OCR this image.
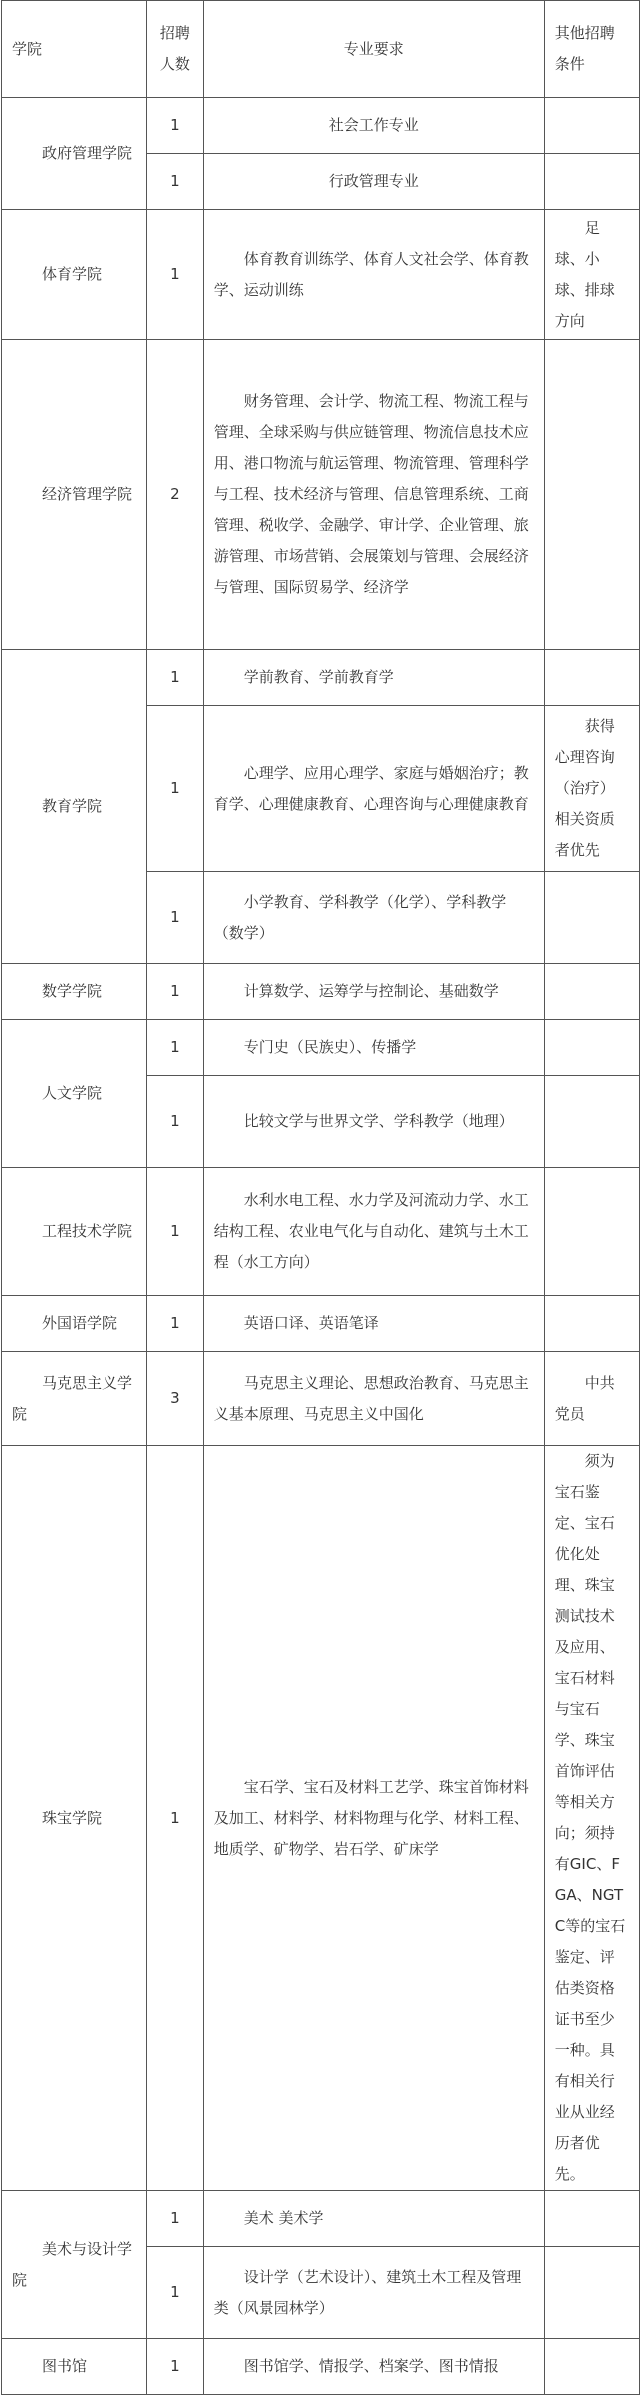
学院	招聘人数	专业要求	其他招聘条件
政府管理学院	1	社会工作专业	
	1	行政管理专业	
体育学院	1	体育教育训练学、体育人文社会学、体育教学、运动训练	足球、小球、排球方向
经济管理学院	2	财务管理、会计学、物流工程、物流工程与管理、全球采购与供应链管理、物流信息技术应用、港口物流与航运管理、物流管理、管理科学与工程、技术经济与管理、信息管理系统、工商管理、税收学、金融学、审计学、企业管理、旅游管理、市场营销、会展策划与管理、会展经济与管理、国际贸易学、经济学	
教育学院	1	学前教育、学前教育学	
	1	心理学、应用心理学、家庭与婚姻治疗；教育学、心理健康教育、心理咨询与心理健康教育	获得心理咨询（治疗）相关资质者优先
	1	小学教育、学科教学（化学）、学科教学（数学）	
数学学院	1	计算数学、运筹学与控制论、基础数学	
人文学院	1	专门史（民族史）、传播学	
	1	比较文学与世界文学、学科教学（地理）	
工程技术学院	1	水利水电工程、水力学及河流动力学、水工结构工程、农业电气化与自动化、建筑与土木工程（水工方向）	
外国语学院	1	英语口译、英语笔译	
马克思主义学院	3	马克思主义理论、思想政治教育、马克思主义基本原理、马克思主义中国化	中共党员
珠宝学院	1	宝石学、宝石及材料工艺学、珠宝首饰材料及加工、材料学、材料物理与化学、材料工程、地质学、矿物学、岩石学、矿床学	须为宝石鉴定、宝石优化处理、珠宝测试技术及应用、宝石材料与宝石学、珠宝首饰评估等相关方向；须持有GIC、FGA、NGTC等的宝石鉴定、评估类资格证书至少一种。具有相关行业从业经历者优先。
美术与设计学院	1	美术 美术学	
	1	设计学（艺术设计）、建筑土木工程及管理类（风景园林学）	
图书馆	1	图书馆学、情报学、档案学、图书情报	
